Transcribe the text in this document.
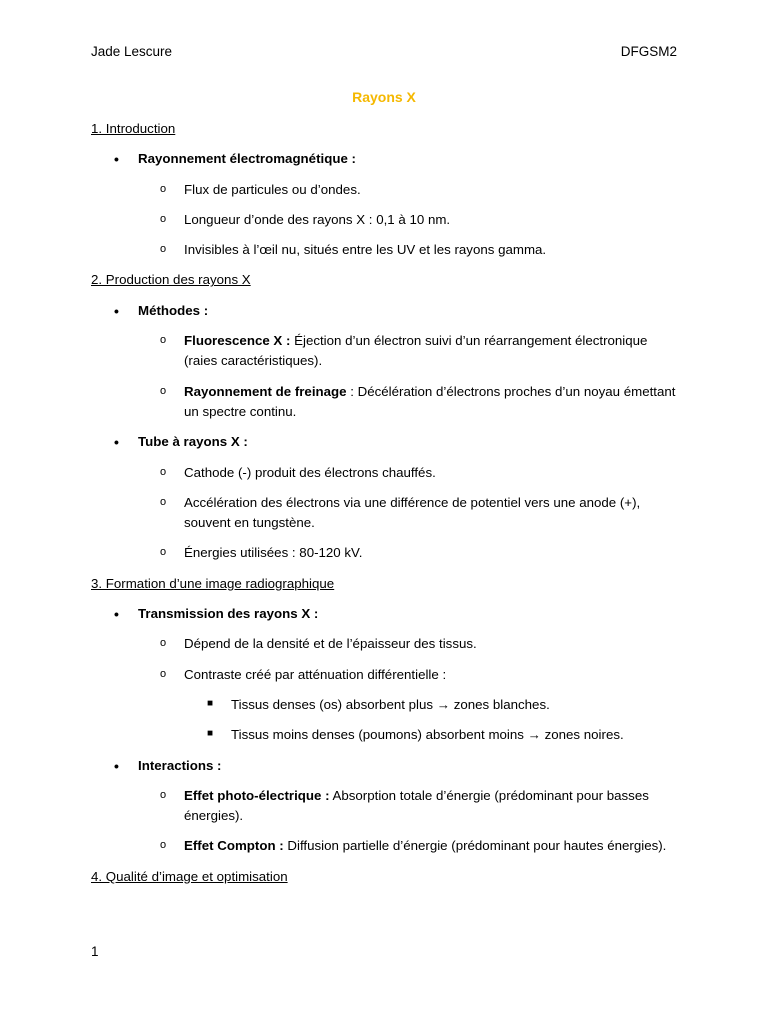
Jade Lescure	DFGSM2
Rayons X
1. Introduction
• Rayonnement électromagnétique :
o Flux de particules ou d’ondes.
o Longueur d’onde des rayons X : 0,1 à 10 nm.
o Invisibles à l’œil nu, situés entre les UV et les rayons gamma.
2. Production des rayons X
• Méthodes :
o Fluorescence X : Éjection d’un électron suivi d’un réarrangement électronique (raies caractéristiques).
o Rayonnement de freinage : Décélération d’électrons proches d’un noyau émettant un spectre continu.
• Tube à rayons X :
o Cathode (-) produit des électrons chauffés.
o Accélération des électrons via une différence de potentiel vers une anode (+), souvent en tungstène.
o Énergies utilisées : 80-120 kV.
3. Formation d’une image radiographique
• Transmission des rayons X :
o Dépend de la densité et de l’épaisseur des tissus.
o Contraste créé par atténuation différentielle :
■ Tissus denses (os) absorbent plus → zones blanches.
■ Tissus moins denses (poumons) absorbent moins → zones noires.
• Interactions :
o Effet photo-électrique : Absorption totale d’énergie (prédominant pour basses énergies).
o Effet Compton : Diffusion partielle d’énergie (prédominant pour hautes énergies).
4. Qualité d’image et optimisation
1
